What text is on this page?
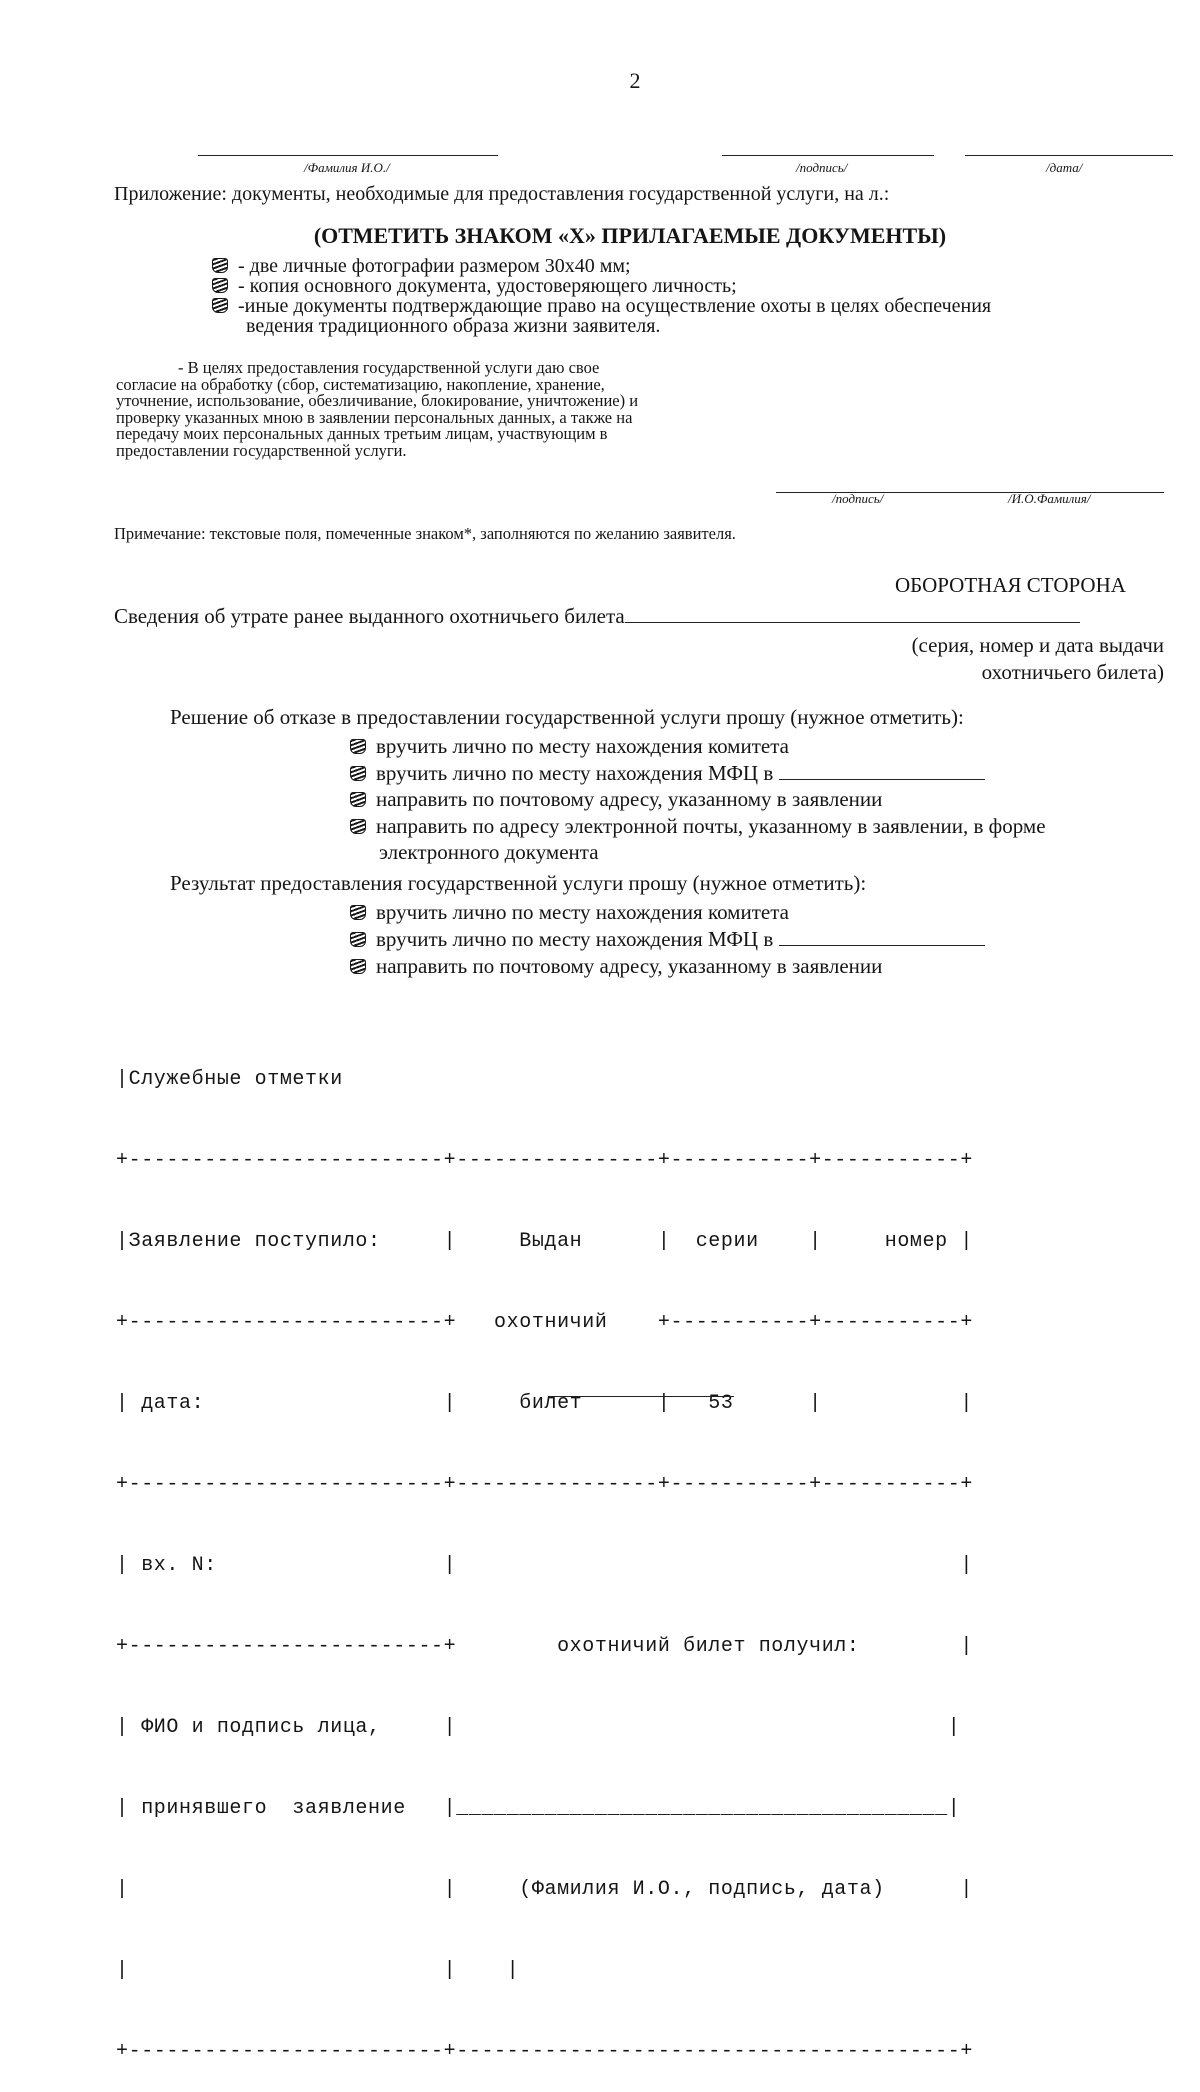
2
/Фамилия И.О./	/подпись/	/дата/
Приложение: документы, необходимые для предоставления государственной услуги, на л.:
(ОТМЕТИТЬ ЗНАКОМ «Х» ПРИЛАГАЕМЫЕ ДОКУМЕНТЫ)
- две личные фотографии размером 30х40 мм;
- копия основного документа, удостоверяющего личность;
-иные документы подтверждающие право на осуществление охоты в целях обеспечения
ведения традиционного образа жизни заявителя.

- В целях предоставления государственной услуги даю свое

согласие на обработку (сбор, систематизацию, накопление, хранение,

уточнение, использование, обезличивание, блокирование, уничтожение) и

проверку указанных мною в заявлении персональных данных, а также на

передачу моих персональных данных третьим лицам, участвующим в

предоставлении государственной услуги.

/подпись/	/И.О.Фамилия/
Примечание: текстовые поля, помеченные знаком*, заполняются по желанию заявителя.
ОБОРОТНАЯ СТОРОНА
Сведения об утрате ранее выданного охотничьего билета
(серия, номер и дата выдачи
охотничьего билета)
Решение об отказе в предоставлении государственной услуги прошу (нужное отметить):
вручить лично по месту нахождения комитета
вручить лично по месту нахождения МФЦ в
направить по почтовому адресу, указанному в заявлении
направить по адресу электронной почты, указанному в заявлении, в форме
электронного документа
Результат предоставления государственной услуги прошу (нужное отметить):
вручить лично по месту нахождения комитета
вручить лично по месту нахождения МФЦ в
направить по почтовому адресу, указанному в заявлении

|Служебные отметки

+-------------------------+----------------+-----------+-----------+

|Заявление поступило:     |     Выдан      |  серии    |     номер |

+-------------------------+   охотничий    +-----------+-----------+

| дата:                   |     билет      |   53      |           |

+-------------------------+----------------+-----------+-----------+

| вх. N:                  |                                        |

+-------------------------+        охотничий билет получил:        |

| ФИО и подпись лица,     |                                       |

| принявшего  заявление   |_______________________________________|

|                         |     (Фамилия И.О., подпись, дата)      |

|                         |    |

+-------------------------+----------------------------------------+
